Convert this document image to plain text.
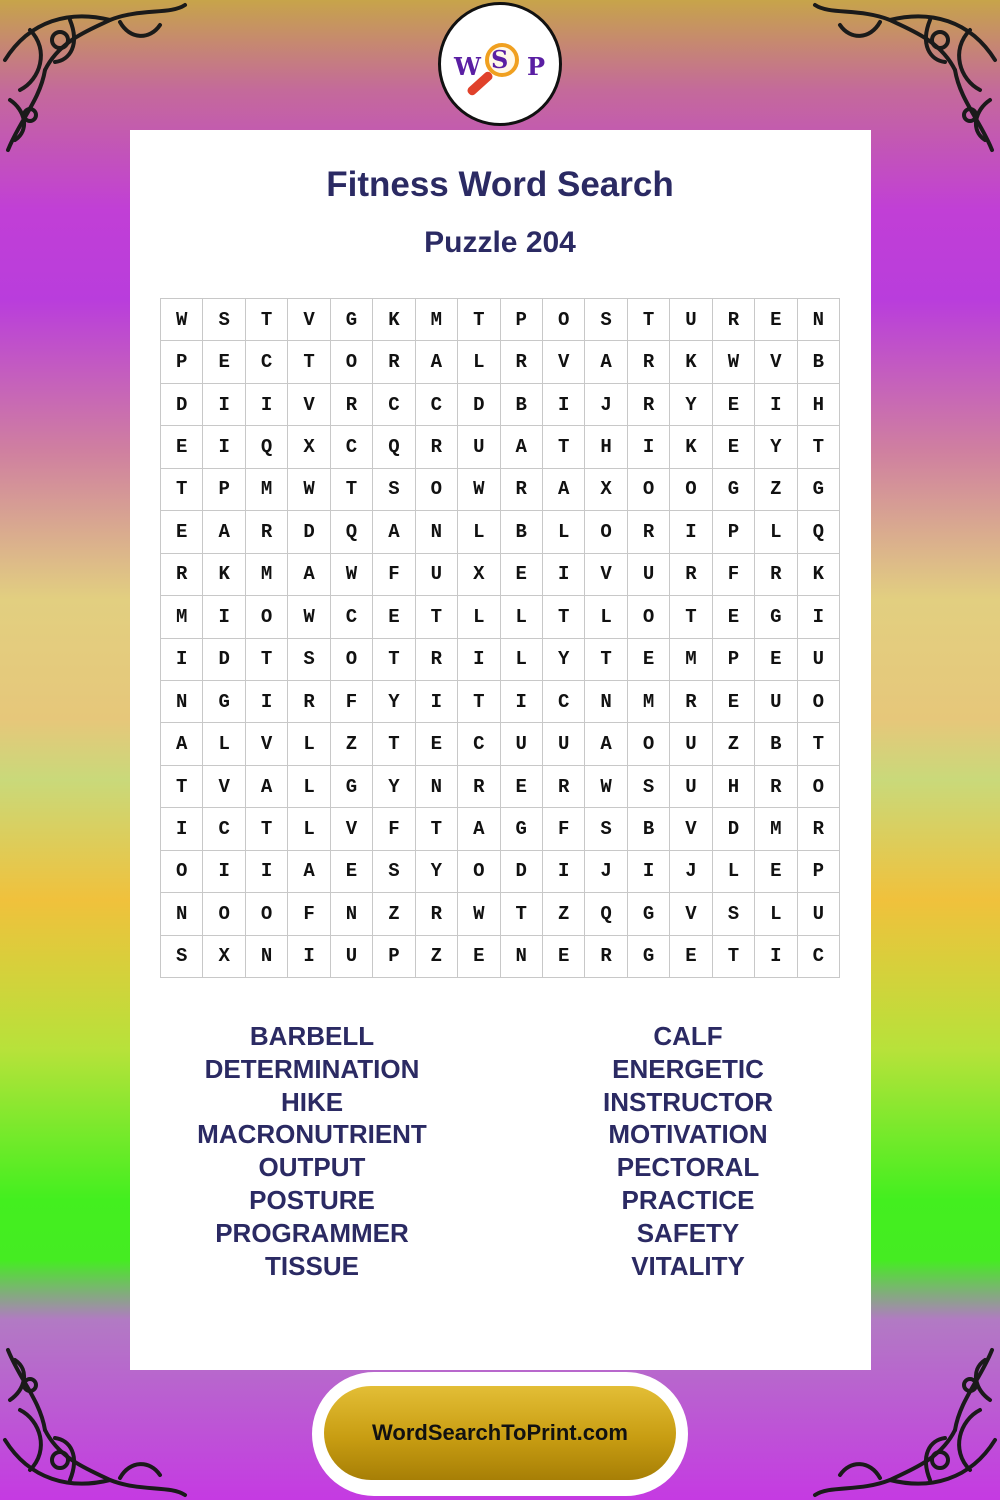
W S P
Fitness Word Search
Puzzle 204
W	S	T	V	G	K	M	T	P	O	S	T	U	R	E	N
P	E	C	T	O	R	A	L	R	V	A	R	K	W	V	B
D	I	I	V	R	C	C	D	B	I	J	R	Y	E	I	H
E	I	Q	X	C	Q	R	U	A	T	H	I	K	E	Y	T
T	P	M	W	T	S	O	W	R	A	X	O	O	G	Z	G
E	A	R	D	Q	A	N	L	B	L	O	R	I	P	L	Q
R	K	M	A	W	F	U	X	E	I	V	U	R	F	R	K
M	I	O	W	C	E	T	L	L	T	L	O	T	E	G	I
I	D	T	S	O	T	R	I	L	Y	T	E	M	P	E	U
N	G	I	R	F	Y	I	T	I	C	N	M	R	E	U	O
A	L	V	L	Z	T	E	C	U	U	A	O	U	Z	B	T
T	V	A	L	G	Y	N	R	E	R	W	S	U	H	R	O
I	C	T	L	V	F	T	A	G	F	S	B	V	D	M	R
O	I	I	A	E	S	Y	O	D	I	J	I	J	L	E	P
N	O	O	F	N	Z	R	W	T	Z	Q	G	V	S	L	U
S	X	N	I	U	P	Z	E	N	E	R	G	E	T	I	C
BARBELL
DETERMINATION
HIKE
MACRONUTRIENT
OUTPUT
POSTURE
PROGRAMMER
TISSUE
CALF
ENERGETIC
INSTRUCTOR
MOTIVATION
PECTORAL
PRACTICE
SAFETY
VITALITY
WordSearchToPrint.com
